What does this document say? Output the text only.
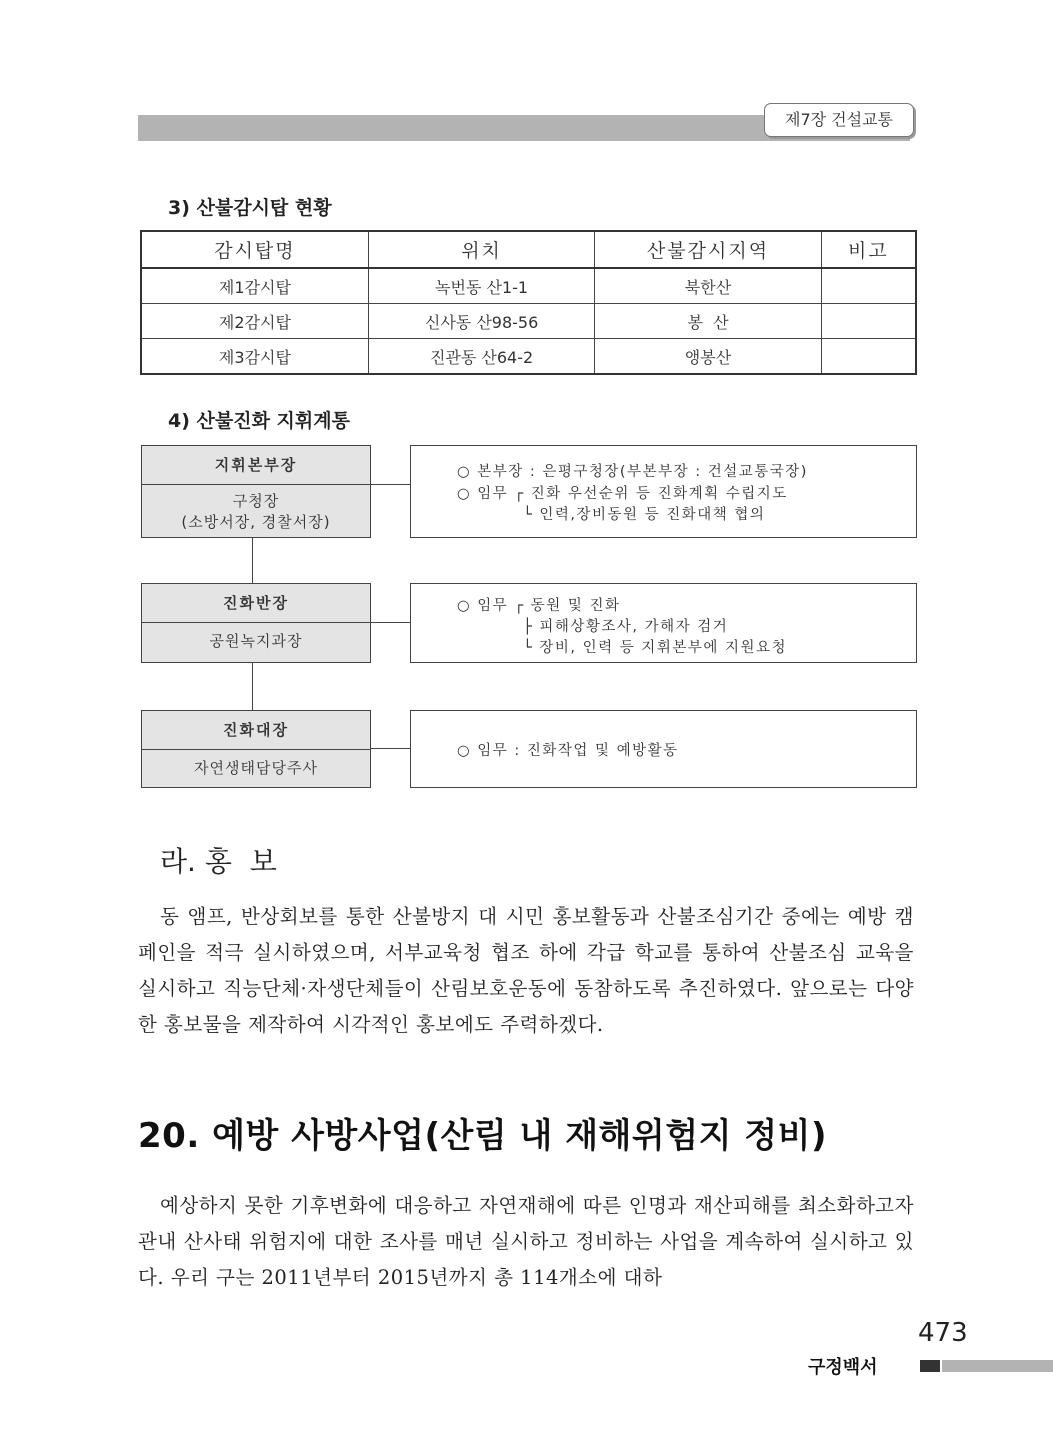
제7장 건설교통
3) 산불감시탑 현황
감시탑명	위치	산불감시지역	비고
제1감시탑	녹번동 산1-1	북한산	
제2감시탑	신사동 산98-56	봉  산	
제3감시탑	진관동 산64-2	앵봉산	
4) 산불진화 지휘계통
지휘본부장
구청장
(소방서장, 경찰서장)
○ 본부장 : 은평구청장(부본부장 : 건설교통국장)
○ 임무 ┌ 진화 우선순위 등 진화계획 수립지도
└ 인력,장비동원 등 진화대책 협의
진화반장
공원녹지과장
○ 임무 ┌ 동원 및 진화
├ 피해상황조사, 가해자 검거
└ 장비, 인력 등 지휘본부에 지원요청
진화대장
자연생태담당주사
○ 임무 : 진화작업 및 예방활동
라. 홍  보

동 앰프, 반상회보를 통한 산불방지 대 시민 홍보활동과 산불조심기간 중에는 예방 캠페인을 적극 실시하였으며, 서부교육청 협조 하에 각급 학교를 통하여 산불조심 교육을 실시하고 직능단체·자생단체들이 산림보호운동에 동참하도록 추진하였다. 앞으로는 다양한 홍보물을 제작하여 시각적인 홍보에도 주력하겠다.

20. 예방 사방사업(산림 내 재해위험지 정비)

예상하지 못한 기후변화에 대응하고 자연재해에 따른 인명과 재산피해를 최소화하고자 관내 산사태 위험지에 대한 조사를 매년 실시하고 정비하는 사업을 계속하여 실시하고 있다. 우리 구는 2011년부터 2015년까지 총 114개소에 대하

473
구정백서
